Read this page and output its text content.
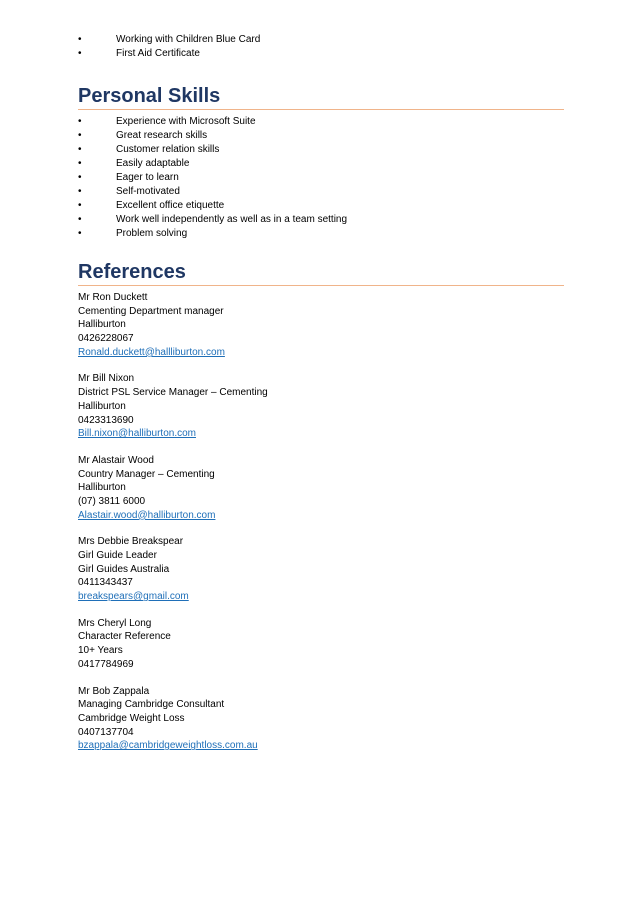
•	Working with Children Blue Card
•	First Aid Certificate
Personal Skills
•	Experience with Microsoft Suite
•	Great research skills
•	Customer relation skills
•	Easily adaptable
•	Eager to learn
•	Self-motivated
•	Excellent office etiquette
•	Work well independently as well as in a team setting
•	Problem solving
References
Mr Ron Duckett
Cementing Department manager
Halliburton
0426228067
Ronald.duckett@hallliburton.com
Mr Bill Nixon
District PSL Service Manager – Cementing
Halliburton
0423313690
Bill.nixon@halliburton.com
Mr Alastair Wood
Country Manager – Cementing
Halliburton
(07) 3811 6000
Alastair.wood@halliburton.com
Mrs Debbie Breakspear
Girl Guide Leader
Girl Guides Australia
0411343437
breakspears@gmail.com
Mrs Cheryl Long
Character Reference
10+ Years
0417784969
Mr Bob Zappala
Managing Cambridge Consultant
Cambridge Weight Loss
0407137704
bzappala@cambridgeweightloss.com.au
